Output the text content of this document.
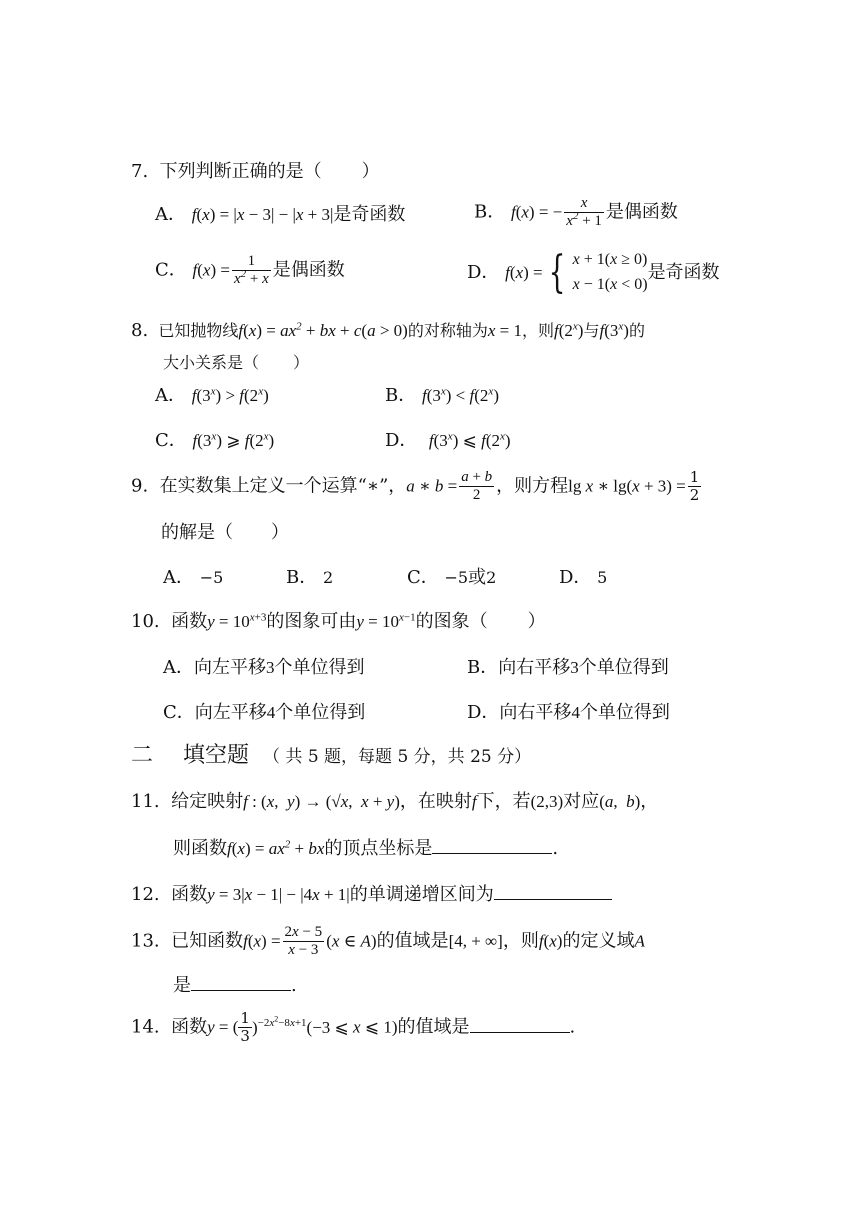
7. 下列判断正确的是（ ）
A． f(x) = |x − 3| − |x + 3|是奇函数	B． f(x) = − $\frac{x}{x^2 + 1}$ 是偶函数
C． $f(x) = \frac{1}{x^2 + x}$ 是偶函数	D． f(x) = { x + 1(x ≥ 0)
x − 1(x < 0)
是奇函数
8. 已知抛物线$f(x) = ax^2$ + bx + c(a > 0)的对称轴为x = 1，则f(2$^x$)与f(3$^x$)的
大小关系是（ ）
A． $f(3^x) > f(2^x)$	B． $f(3^x) < f(2^x)$
C． f(3$^x$) ⩾ f(2$^x$)	D． f(3$^x$) ⩽ f(2$^x$)
9. 在实数集上定义一个运算“∗”，a ∗ $b = \frac{a + b}{2}$ ，则方程lg x ∗ $\lg(x + 3) = \frac{1}{2}$
的解是（ ）
A． −5	B． 2	C． −5或2	D． 5
10. 函数$y = 10^{x+3}$的图象可由$y = 10^{x-1}$的图象（ ）
A．向左平移3个单位得到	B．向右平移3个单位得到
C．向左平移4个单位得到	D．向右平移4个单位得到
二 填空题 （ 共 5 题，每题 5 分，共 25 分）
11. 给定映射f : (x,  y) → (√x,  x + y)，在映射f下，若(2,3)对应(a,  b)，
则函数$f(x) = ax^2$ + bx的顶点坐标是	.
12. 函数y = 3|x − 1| − |4x + 1|的单调递增区间为
13. 已知函数$f(x) = \frac{2x - 5}{x - 3} (x$ ∈ A)的值域是[4, + ∞]，则f(x)的定义域A
是	.
14. 函数y = ( $\frac{1}{3} )^{-2x^2-8x+1}(-3$ ⩽ x ⩽ 1)的值域是	.
